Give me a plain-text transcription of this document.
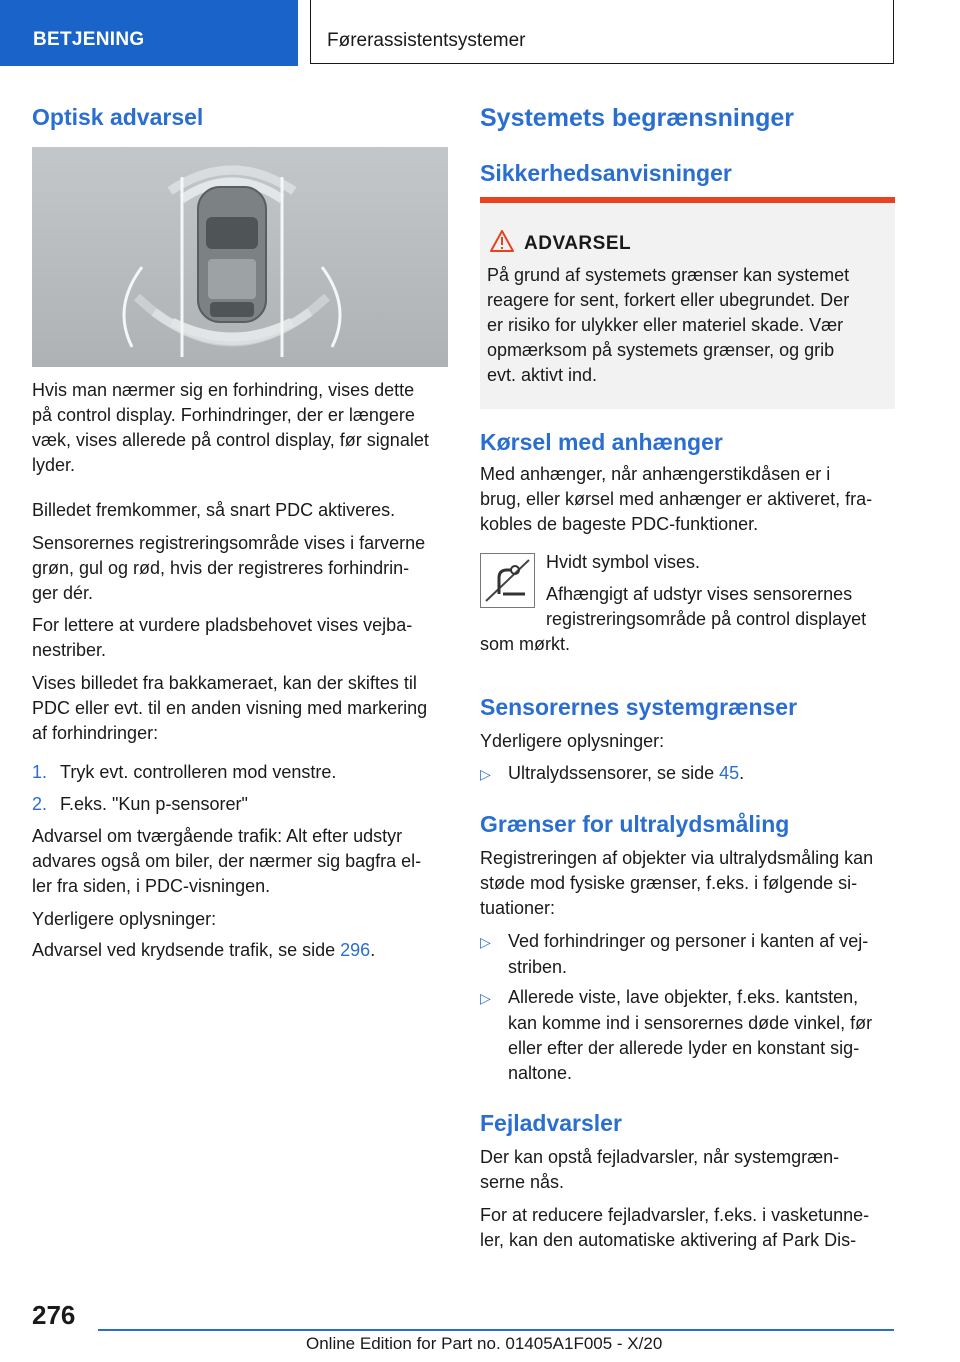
BETJENING	Førerassistentsystemer
Optisk advarsel
Hvis man nærmer sig en forhindring, vises dette
på control display. Forhindringer, der er længere
væk, vises allerede på control display, før signalet
lyder.
Billedet fremkommer, så snart PDC aktiveres.
Sensorernes registreringsområde vises i farverne
grøn, gul og rød, hvis der registreres forhindrin-
ger dér.
For lettere at vurdere pladsbehovet vises vejba-
nestriber.
Vises billedet fra bakkameraet, kan der skiftes til
PDC eller evt. til en anden visning med markering
af forhindringer:
1. Tryk evt. controlleren mod venstre.
2. F.eks. "Kun p-sensorer"
Advarsel om tværgående trafik: Alt efter udstyr
advares også om biler, der nærmer sig bagfra el-
ler fra siden, i PDC-visningen.
Yderligere oplysninger:
Advarsel ved krydsende trafik, se side 296.
Systemets begrænsninger
Sikkerhedsanvisninger
ADVARSEL
På grund af systemets grænser kan systemet
reagere for sent, forkert eller ubegrundet. Der
er risiko for ulykker eller materiel skade. Vær
opmærksom på systemets grænser, og grib
evt. aktivt ind.
Kørsel med anhænger
Med anhænger, når anhængerstikdåsen er i
brug, eller kørsel med anhænger er aktiveret, fra-
kobles de bageste PDC-funktioner.
Hvidt symbol vises.
Afhængigt af udstyr vises sensorernes
registreringsområde på control displayet
som mørkt.
Sensorernes systemgrænser
Yderligere oplysninger:
▷ Ultralydssensorer, se side 45.
Grænser for ultralydsmåling
Registreringen af objekter via ultralydsmåling kan
støde mod fysiske grænser, f.eks. i følgende si-
tuationer:
▷ Ved forhindringer og personer i kanten af vej-
striben.
▷ Allerede viste, lave objekter, f.eks. kantsten,
kan komme ind i sensorernes døde vinkel, før
eller efter der allerede lyder en konstant sig-
naltone.
Fejladvarsler
Der kan opstå fejladvarsler, når systemgræn-
serne nås.
For at reducere fejladvarsler, f.eks. i vasketunne-
ler, kan den automatiske aktivering af Park Dis-
276
Online Edition for Part no. 01405A1F005 - X/20
